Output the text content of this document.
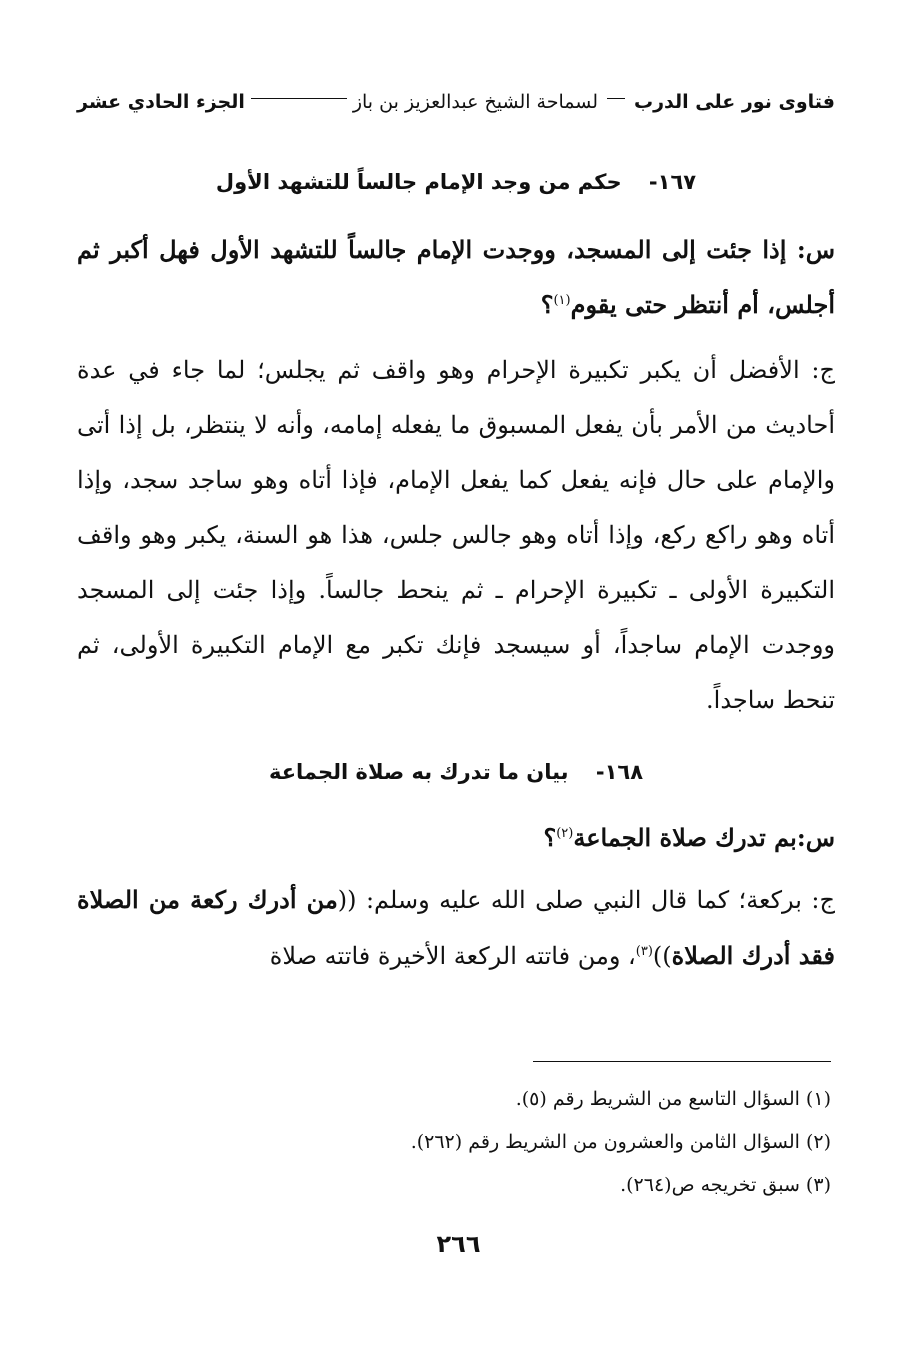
فتاوى نور على الدرب
لسماحة الشيخ عبدالعزيز بن باز
الجزء الحادي عشر
١٦٧- حكم من وجد الإمام جالساً للتشهد الأول
س: إذا جئت إلى المسجد، ووجدت الإمام جالساً للتشهد الأول فهل أكبر ثم أجلس، أم أنتظر حتى يقوم$^{(١)}$؟
ج: الأفضل أن يكبر تكبيرة الإحرام وهو واقف ثم يجلس؛ لما جاء في عدة أحاديث من الأمر بأن يفعل المسبوق ما يفعله إمامه، وأنه لا ينتظر، بل إذا أتى والإمام على حال فإنه يفعل كما يفعل الإمام، فإذا أتاه وهو ساجد سجد، وإذا أتاه وهو راكع ركع، وإذا أتاه وهو جالس جلس، هذا هو السنة، يكبر وهو واقف التكبيرة الأولى ـ تكبيرة الإحرام ـ ثم ينحط جالساً. وإذا جئت إلى المسجد ووجدت الإمام ساجداً، أو سيسجد فإنك تكبر مع الإمام التكبيرة الأولى، ثم تنحط ساجداً.
١٦٨- بيان ما تدرك به صلاة الجماعة
س:بم تدرك صلاة الجماعة$^{(٢)}$؟
ج: بركعة؛ كما قال النبي صلى الله عليه وسلم: ((من أدرك ركعة من الصلاة فقد أدرك الصلاة))$^{(٣)}$، ومن فاتته الركعة الأخيرة فاتته صلاة
(١) السؤال التاسع من الشريط رقم (٥).
(٢) السؤال الثامن والعشرون من الشريط رقم (٢٦٢).
(٣) سبق تخريجه ص(٢٦٤).
٢٦٦
